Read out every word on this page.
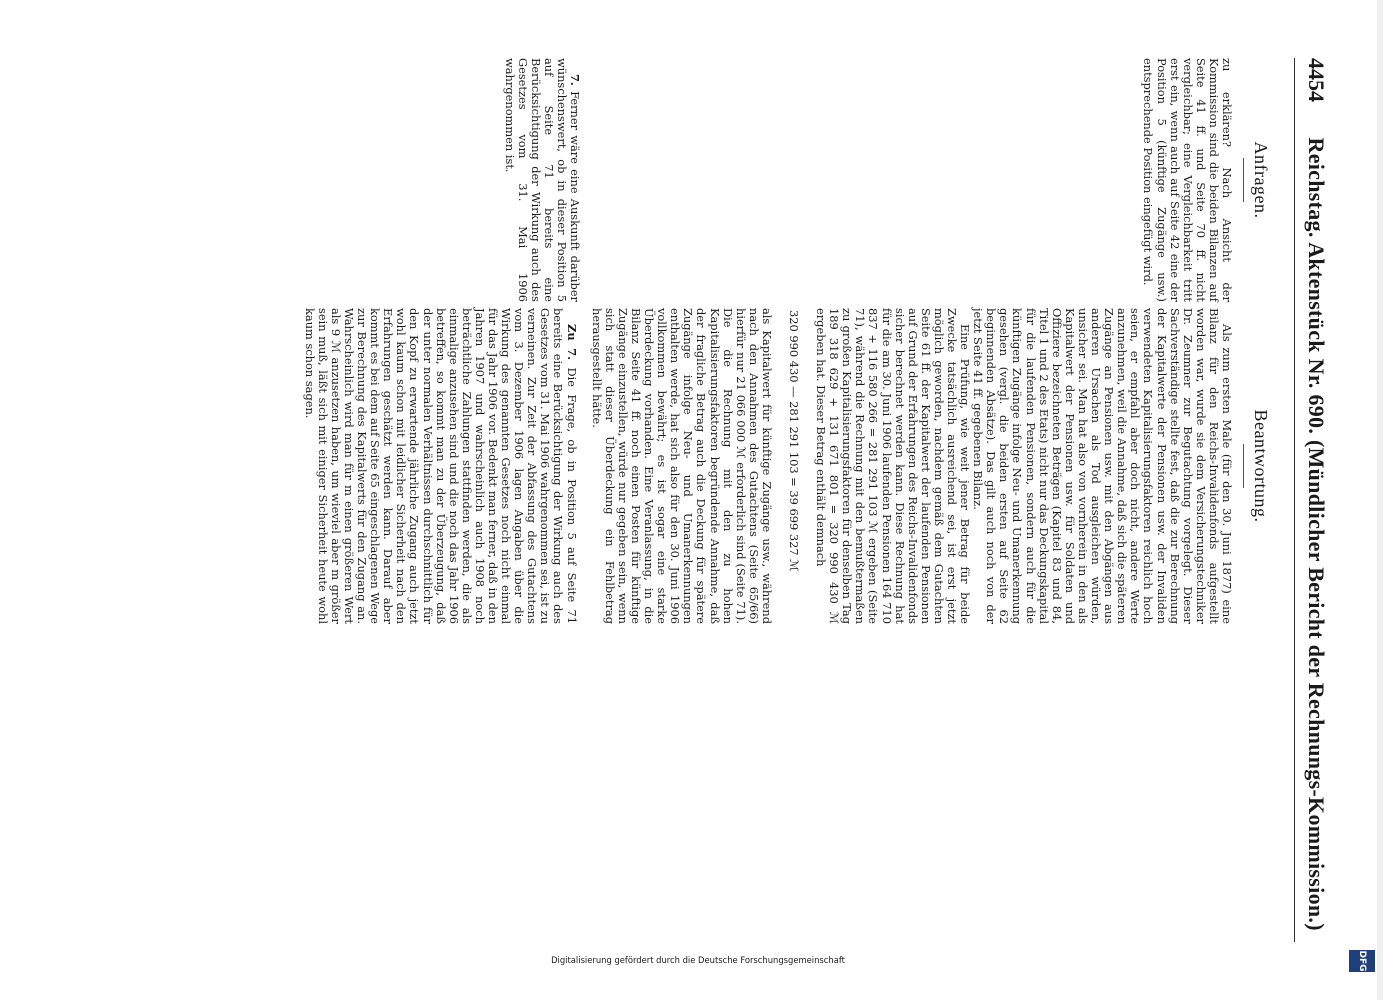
4454 Reichstag. Aktenstück Nr. 690. (Mündlicher Bericht der Rechnungs-Kommission.)
Anfragen.

zu erklären? Nach Ansicht der Kommission sind die beiden Bilanzen auf Seite 41 ff. und Seite 70 ff. nicht vergleichbar; eine Vergleichbarkeit tritt erst ein, wenn auch auf Seite 42 eine der Position 5 (künftige Zugänge usw.) entsprechende Position eingefügt wird.

7. Ferner wäre eine Auskunft darüber wünschenswert, ob in dieser Position 5 auf Seite 71 bereits eine Berücksichtigung der Wirkung auch des Gesetzes vom 31. Mai 1906 wahrgenommen ist.

Beantwortung.

Als zum ersten Male (für den 30. Juni 1877) eine Bilanz für den Reichs-Invalidenfonds aufgestellt worden war, wurde sie dem Versicherungstechniker Dr. Zeumner zur Begutachtung vorgelegt. Dieser Sachverständige stellte fest, daß die zur Berechnung der Kapitalwerte der Pensionen usw. der Invaliden verwendeten Kapitalisierungsfaktoren reichlich hoch seien, er empfahl aber doch nicht, andere Werte anzunehmen, weil die Annahme, daß sich die späteren Zugänge an Pensionen usw. mit den Abgängen aus anderen Ursachen als Tod ausgleichen würden, unsicher sei. Man hat also von vornherein in den als Kapitalwert der Pensionen usw. für Soldaten und Offiziere bezeichneten Beträgen (Kapitel 83 und 84, Titel 1 und 2 des Etats) nicht nur das Deckungskapital für die laufenden Pensionen, sondern auch für die künftigen Zugänge infolge Neu- und Umanerkennung gesehen (vergl. die beiden ersten auf Seite 62 beginnenden Absätze). Das gilt auch noch von der jetzt Seite 41 ff. gegebenen Bilanz.

Eine Prüfung, wie weit jener Betrag für beide Zwecke tatsächlich ausreichend sei, ist erst jetzt möglich geworden, nachdem gemäß dem Gutachten Seite 61 ff. der Kapitalwert der laufenden Pensionen auf Grund der Erfahrungen des Reichs-Invalidenfonds sicher berechnet werden kann. Diese Rechnung hat für die am 30. Juni 1906 laufenden Pensionen 164 710 837 + 116 580 266 = 281 291 103 ℳ ergeben (Seite 71), während die Rechnung mit den bemußtermaßen zu großen Kapitalisierungsfaktoren für denselben Tag 189 318 629 + 131 671 801 = 320 990 430 ℳ ergeben hat. Dieser Betrag enthält demnach

320 990 430 — 281 291 103 = 39 699 327 ℳ

als Kapitalwert für künftige Zugänge usw., während nach den Annahmen des Gutachtens (Seite 65/66) hierfür nur 21 066 000 ℳ erforderlich sind (Seite 71). Die die Rechnung mit den zu hohen Kapitalisierungsfaktoren begründende Annahme, daß der fragliche Betrag auch die Deckung für spätere Zugänge infolge Neu- und Umanerkennungen enthalten werde, hat sich also für den 30. Juni 1906 vollkommen bewährt; es ist sogar eine starke Überdeckung vorhanden. Eine Veranlassung, in die Bilanz Seite 41 ff. noch einen Posten für künftige Zugänge einzustellen, würde nur gegeben sein, wenn sich statt dieser Überdeckung ein Fehlbetrag herausgestellt hätte.

Zu 7. Die Frage, ob in Position 5 auf Seite 71 bereits eine Berücksichtigung der Wirkung auch des Gesetzes vom 31. Mai 1906 wahrgenommen sei, ist zu verneinen. Zur Zeit der Abfassung des Gutachtens vom 3. Dezember 1906 lagen Angaben über die Wirkung des genannten Gesetzes noch nicht einmal für das Jahr 1906 vor. Bedenkt man ferner, daß in den Jahren 1907 und wahrscheinlich auch 1908 noch beträchtliche Zahlungen stattfinden werden, die als einmalige anzusehen sind und die noch das Jahr 1906 betreffen, so kommt man zu der Überzeugung, daß der unter normalen Verhältnissen durchschnittlich für den Kopf zu erwartende jährliche Zugang auch jetzt wohl kaum schon mit leidlicher Sicherheit nach den Erfahrungen geschätzt werden kann. Darauf aber kommt es bei dem auf Seite 65 eingeschlagenen Wege zur Berechnung des Kapitalwerts für den Zugang an. Wahrscheinlich wird man für m einen größeren Wert als 9 ℳ anzusetzen haben, um wieviel aber m größer sein muß, läßt sich mit einiger Sicherheit heute wohl kaum schon sagen.

DFG
Digitalisierung gefördert durch die Deutsche Forschungsgemeinschaft
